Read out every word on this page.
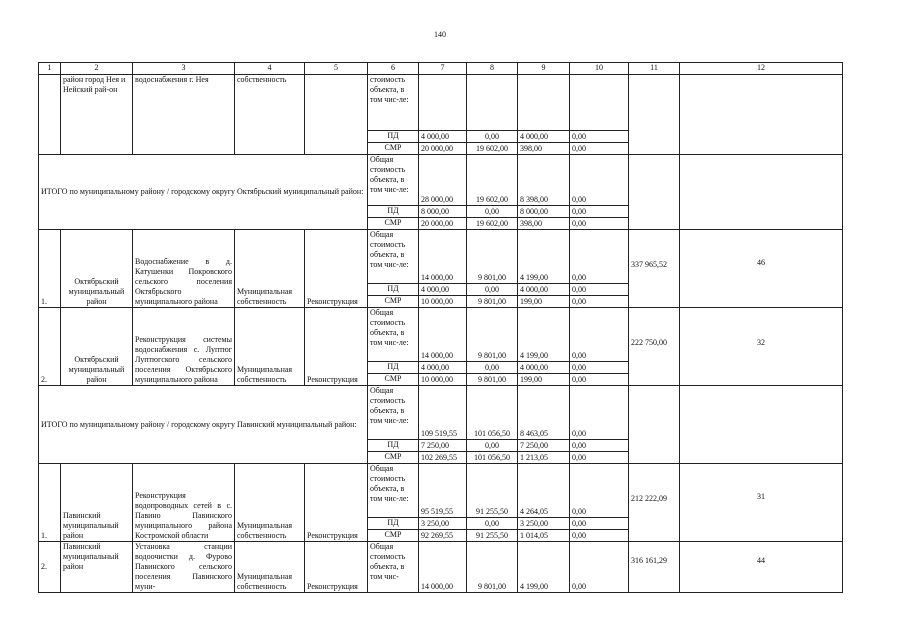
140
1	2	3	4	5	6	7	8	9	10	11	12
	район город Нея и Нейский рай-он	водоснабжения г. Нея	собственность		стоимость объекта, в том чис-ле:						
					ПД	4 000,00	0,00	4 000,00	0,00		
					СМР	20 000,00	19 602,00	398,00	0,00		
ИТОГО по муниципальному району / городскому округу Октябрьский муниципальный район:					Общая стоимость объекта, в том чис-ле:	28 000,00	19 602,00	8 398,00	0,00		
					ПД	8 000,00	0,00	8 000,00	0,00		
					СМР	20 000,00	19 602,00	398,00	0,00		
1.	Октябрьский муниципальный район	Водоснабжение в д. Катушенки Покровского сельского поселения Октябрьского муниципального района	Муниципальная собственность	Реконструкция	Общая стоимость объекта, в том чис-ле:	14 000,00	9 801,00	4 199,00	0,00	337 965,52	46
					ПД	4 000,00	0,00	4 000,00	0,00		
					СМР	10 000,00	9 801,00	199,00	0,00		
2.	Октябрьский муниципальный район	Реконструкция системы водоснабжения с. Луптюг Луптюгского сельского поселения Октябрьского муниципального района	Муниципальная собственность	Реконструкция	Общая стоимость объекта, в том чис-ле:	14 000,00	9 801,00	4 199,00	0,00	222 750,00	32
					ПД	4 000,00	0,00	4 000,00	0,00		
					СМР	10 000,00	9 801,00	199,00	0,00		
ИТОГО по муниципальному району / городскому округу Павинский муниципальный район:					Общая стоимость объекта, в том чис-ле:	109 519,55	101 056,50	8 463,05	0,00		
					ПД	7 250,00	0,00	7 250,00	0,00		
					СМР	102 269,55	101 056,50	1 213,05	0,00		
1.	Павинский муниципальный район	Реконструкция водопроводных сетей в с. Павино Павинского муниципального района Костромской области	Муниципальная собственность	Реконструкция	Общая стоимость объекта, в том чис-ле:	95 519,55	91 255,50	4 264,05	0,00	212 222,09	31
					ПД	3 250,00	0,00	3 250,00	0,00		
					СМР	92 269,55	91 255,50	1 014,05	0,00		
2.	Павинский муниципальный район	Установка станции водоочистки д. Фурово Павинского сельского поселения Павинского муни-	Муниципальная собственность	Реконструкция	Общая стоимость объекта, в том чис-	14 000,00	9 801,00	4 199,00	0,00	316 161,29	44
